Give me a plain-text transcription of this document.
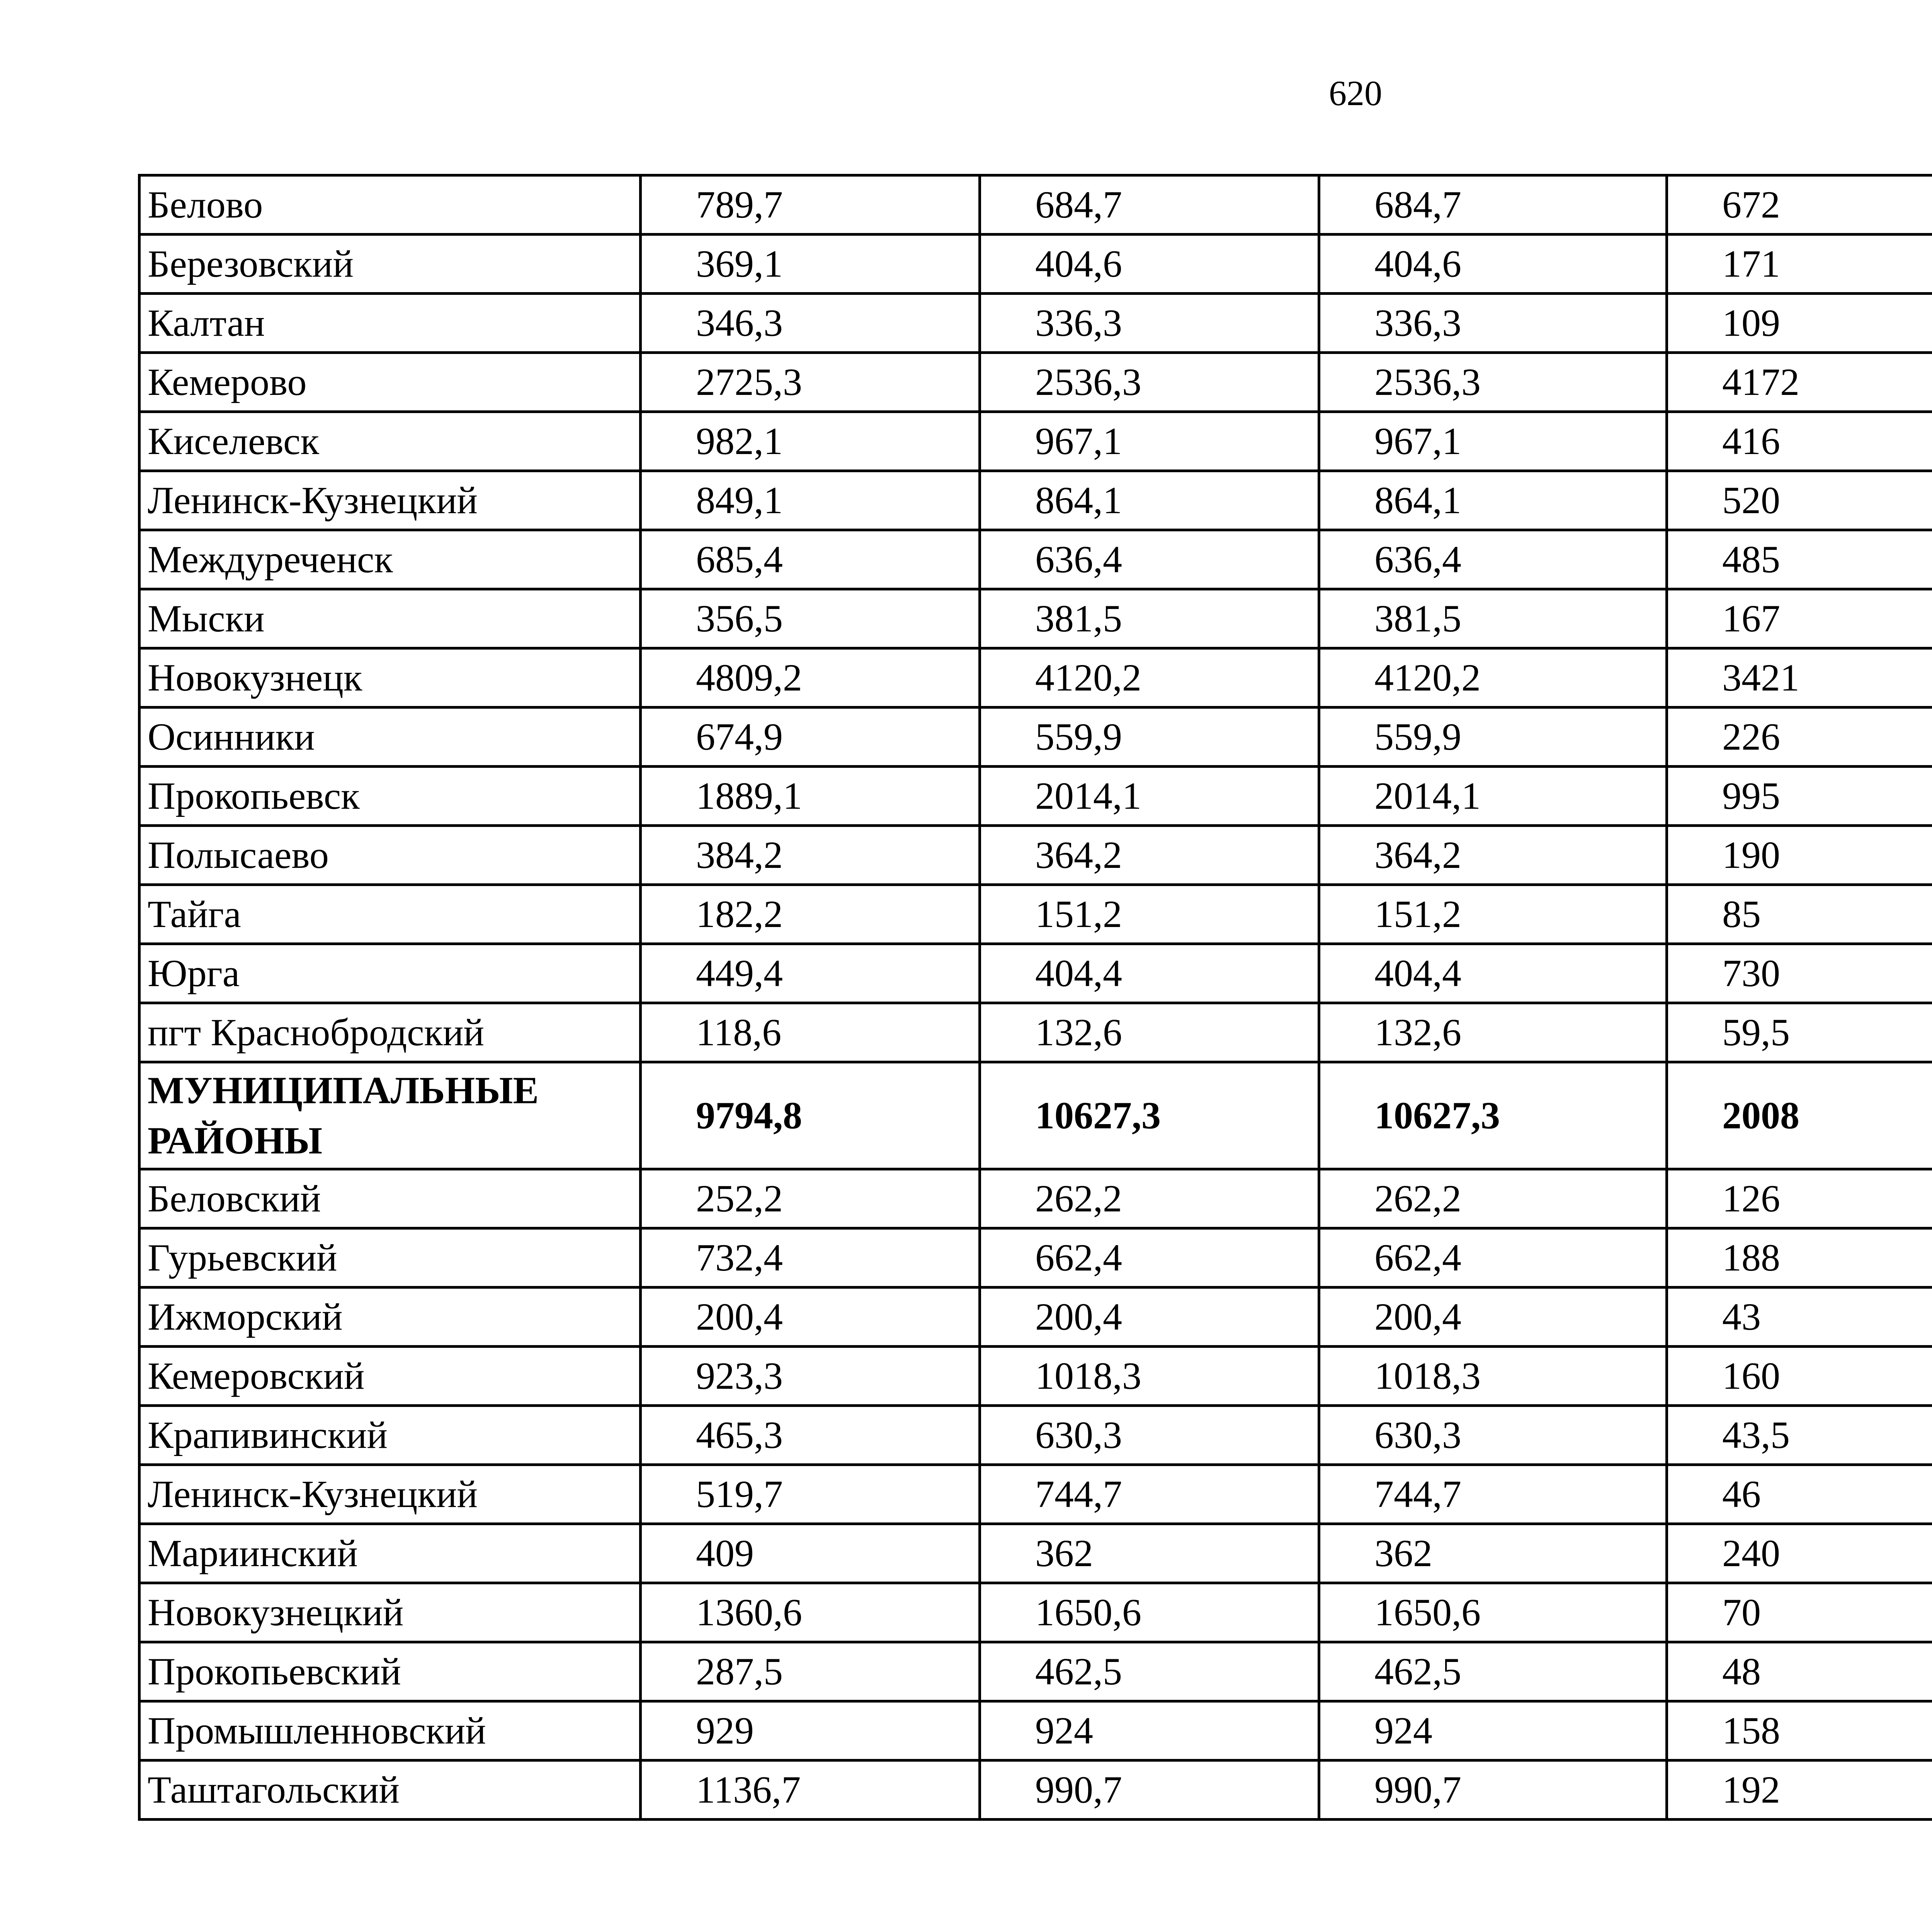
620
Белово	789,7	684,7	684,7	672		
Березовский	369,1	404,6	404,6	171		
Калтан	346,3	336,3	336,3	109		
Кемерово	2725,3	2536,3	2536,3	4172		
Киселевск	982,1	967,1	967,1	416		
Ленинск-Кузнецкий	849,1	864,1	864,1	520		
Междуреченск	685,4	636,4	636,4	485		
Мыски	356,5	381,5	381,5	167		
Новокузнецк	4809,2	4120,2	4120,2	3421		
Осинники	674,9	559,9	559,9	226		
Прокопьевск	1889,1	2014,1	2014,1	995		
Полысаево	384,2	364,2	364,2	190		
Тайга	182,2	151,2	151,2	85		
Юрга	449,4	404,4	404,4	730		
пгт Краснобродский	118,6	132,6	132,6	59,5		
МУНИЦИПАЛЬНЫЕ РАЙОНЫ	9794,8	10627,3	10627,3	2008		
Беловский	252,2	262,2	262,2	126		
Гурьевский	732,4	662,4	662,4	188		
Ижморский	200,4	200,4	200,4	43		
Кемеровский	923,3	1018,3	1018,3	160		
Крапивинский	465,3	630,3	630,3	43,5		
Ленинск-Кузнецкий	519,7	744,7	744,7	46		
Мариинский	409	362	362	240		
Новокузнецкий	1360,6	1650,6	1650,6	70		
Прокопьевский	287,5	462,5	462,5	48		
Промышленновский	929	924	924	158		
Таштагольский	1136,7	990,7	990,7	192		
